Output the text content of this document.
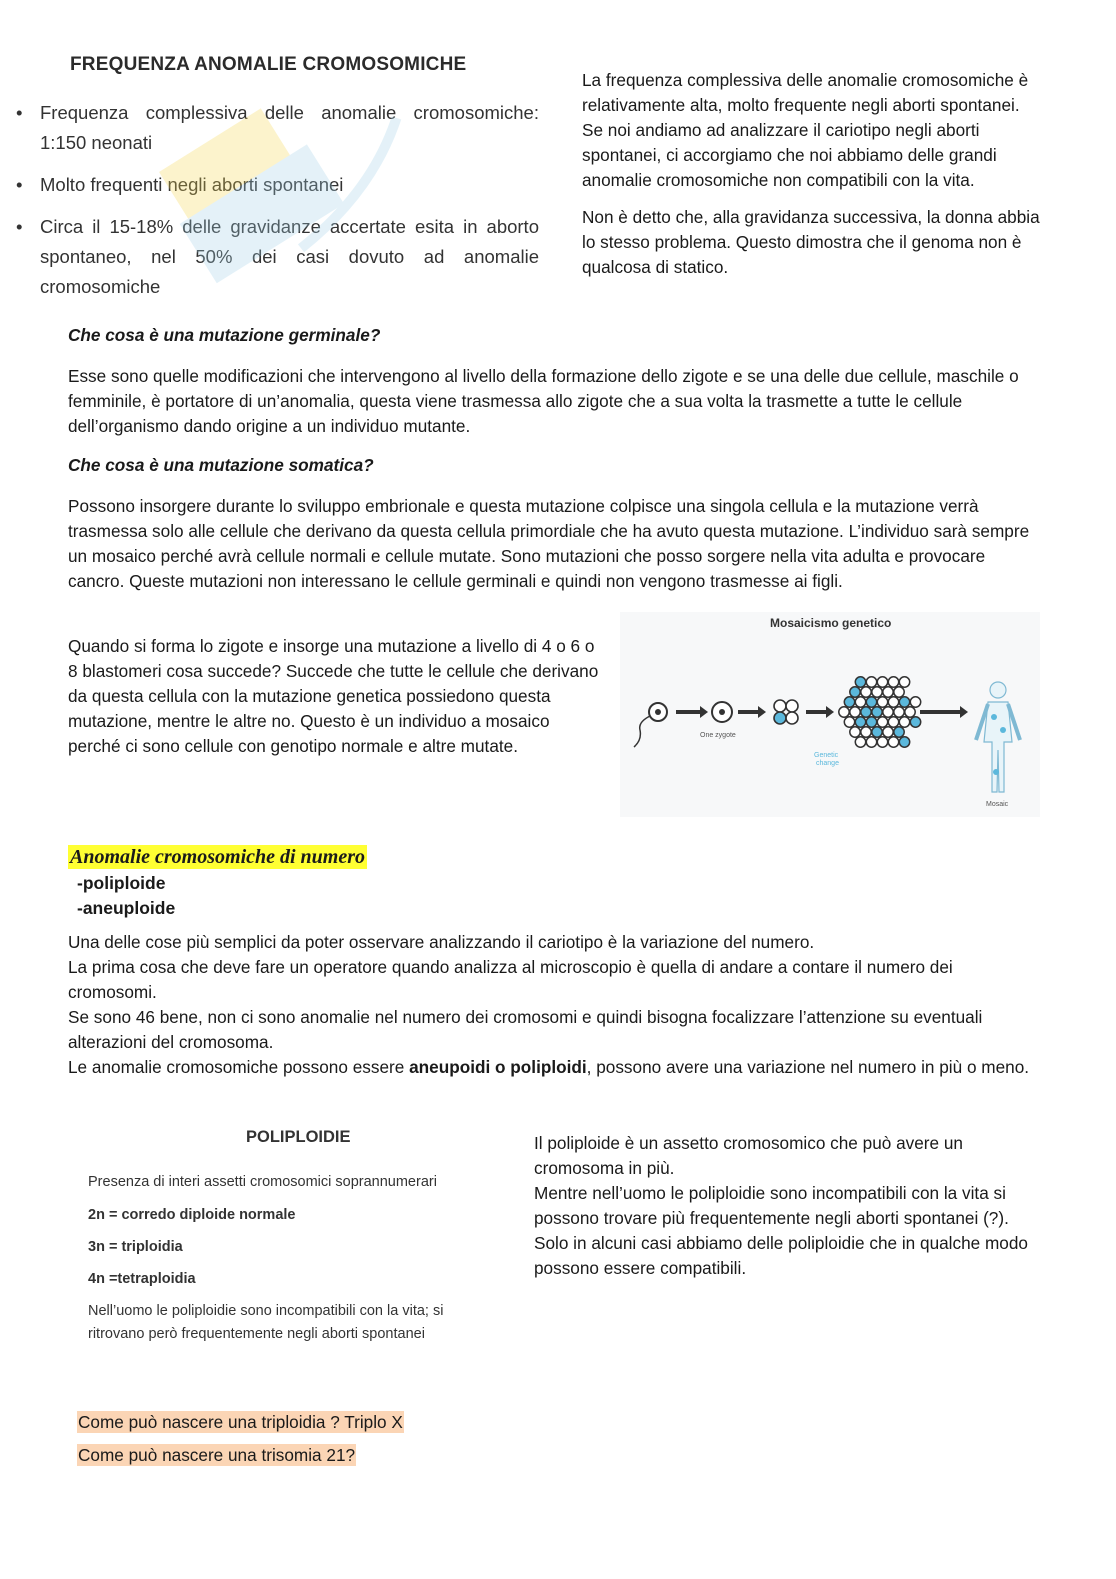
FREQUENZA ANOMALIE CROMOSOMICHE
• Frequenza complessiva delle anomalie cromosomiche: 1:150 neonati
• Molto frequenti negli aborti spontanei
• Circa il 15-18% delle gravidanze accertate esita in aborto spontaneo, nel 50% dei casi dovuto ad anomalie cromosomiche

La frequenza complessiva delle anomalie cromosomiche è relativamente alta, molto frequente negli aborti spontanei. Se noi andiamo ad analizzare il cariotipo negli aborti spontanei, ci accorgiamo che noi abbiamo delle grandi anomalie cromosomiche non compatibili con la vita.

Non è detto che, alla gravidanza successiva, la donna abbia lo stesso problema. Questo dimostra che il genoma non è qualcosa di statico.

Che cosa è una mutazione germinale?

Esse sono quelle modificazioni che intervengono al livello della formazione dello zigote e se una delle due cellule, maschile o femminile, è portatore di un’anomalia, questa viene trasmessa allo zigote che a sua volta la trasmette a tutte le cellule dell’organismo dando origine a un individuo mutante.

Che cosa è una mutazione somatica?

Possono insorgere durante lo sviluppo embrionale e questa mutazione colpisce una singola cellula e la mutazione verrà trasmessa solo alle cellule che derivano da questa cellula primordiale che ha avuto questa mutazione. L’individuo sarà sempre un mosaico perché avrà cellule normali e cellule mutate. Sono mutazioni che posso sorgere nella vita adulta e provocare cancro. Queste mutazioni non interessano le cellule germinali e quindi non vengono trasmesse ai figli.

Quando si forma lo zigote e insorge una mutazione a livello di 4 o 6 o 8 blastomeri cosa succede? Succede che tutte le cellule che derivano da questa cellula con la mutazione genetica possiedono questa mutazione, mentre le altre no. Questo è un individuo a mosaico perché ci sono cellule con genotipo normale e altre mutate.

Mosaicismo genetico
One zygote
Genetic
change
Mosaic
Anomalie cromosomiche di numero
-poliploide
-aneuploide

Una delle cose più semplici da poter osservare analizzando il cariotipo è la variazione del numero.

La prima cosa che deve fare un operatore quando analizza al microscopio è quella di andare a contare il numero dei cromosomi.

Se sono 46 bene, non ci sono anomalie nel numero dei cromosomi e quindi bisogna focalizzare l’attenzione su eventuali alterazioni del cromosoma.

Le anomalie cromosomiche possono essere aneupoidi o poliploidi, possono avere una variazione nel numero in più o meno.

POLIPLOIDIE
Presenza di interi assetti cromosomici soprannumerari
2n = corredo diploide normale
3n = triploidia
4n =tetraploidia
Nell’uomo le poliploidie sono incompatibili con la vita; si
ritrovano però frequentemente negli aborti spontanei

Il poliploide è un assetto cromosomico che può avere un cromosoma in più.

Mentre nell’uomo le poliploidie sono incompatibili con la vita si possono trovare più frequentemente negli aborti spontanei (?).

Solo in alcuni casi abbiamo delle poliploidie che in qualche modo possono essere compatibili.

Come può nascere una triploidia ? Triplo X
Come può nascere una trisomia 21?
